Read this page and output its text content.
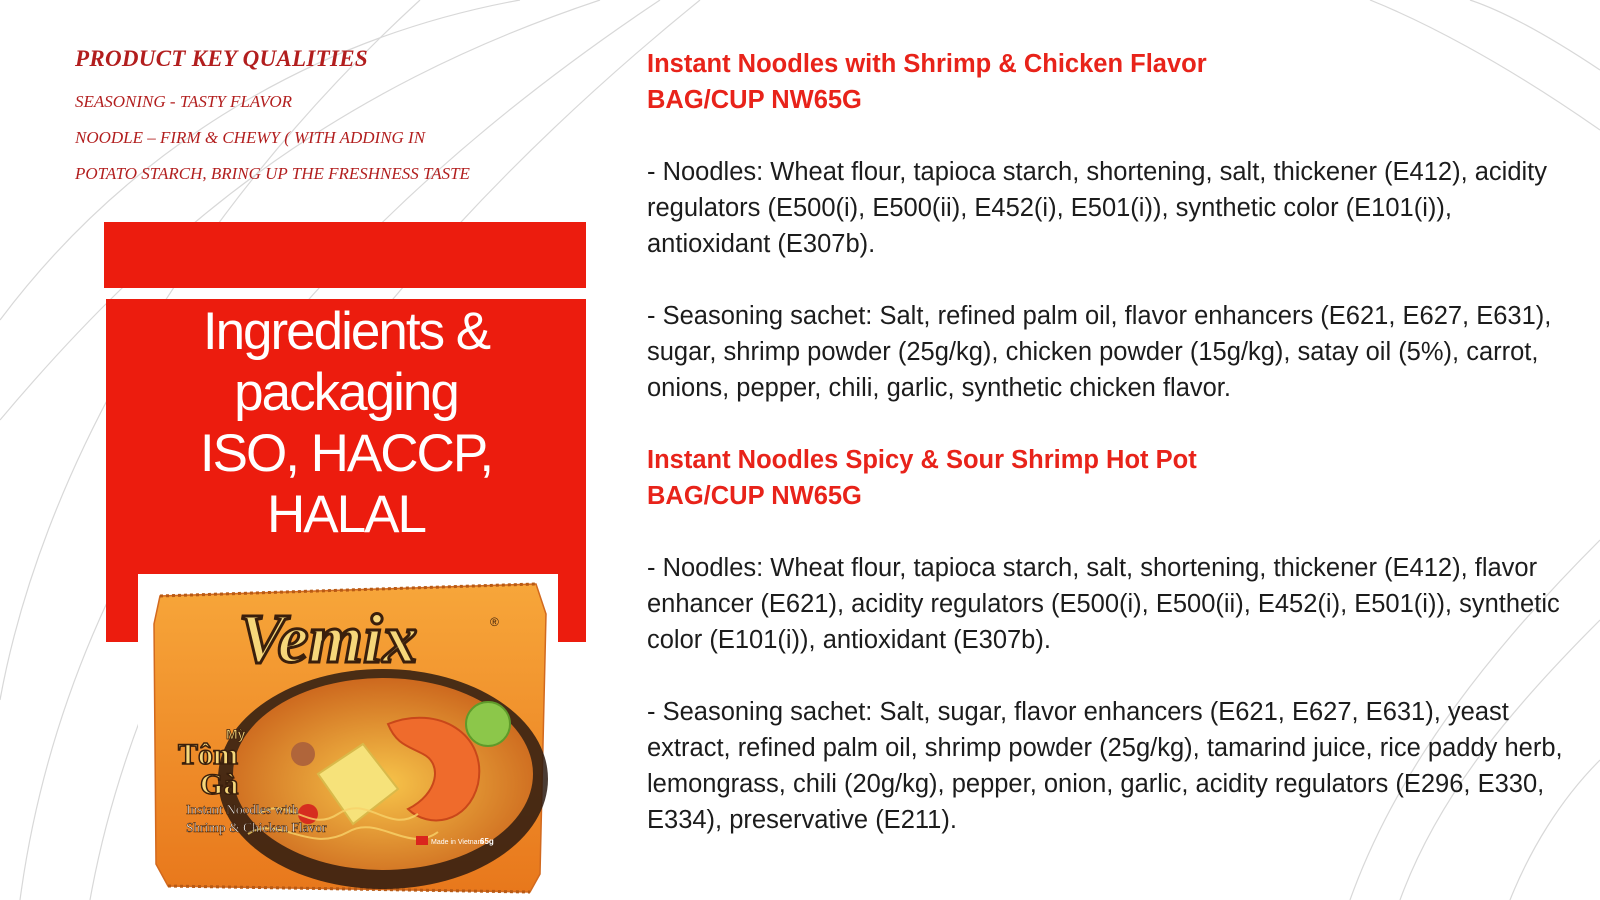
PRODUCT KEY QUALITIES

SEASONING - TASTY FLAVOR

NOODLE – FIRM & CHEWY ( WITH ADDING IN

POTATO STARCH, BRING UP THE FRESHNESS TASTE

Ingredients &
packaging
ISO, HACCP,
HALAL
Vemix	®
Mỳ
Tôm
Gà
Instant Noodles with
Shrimp & Chicken Flavor
Made in Vietnam
65g

Instant Noodles with Shrimp & Chicken Flavor

BAG/CUP NW65G

- Noodles: Wheat flour, tapioca starch, shortening, salt, thickener (E412), acidity regulators (E500(i), E500(ii), E452(i), E501(i)), synthetic color (E101(i)), antioxidant (E307b).

- Seasoning sachet: Salt, refined palm oil, flavor enhancers (E621, E627, E631), sugar, shrimp powder (25g/kg), chicken powder (15g/kg), satay oil (5%), carrot, onions, pepper, chili, garlic, synthetic chicken flavor.

Instant Noodles Spicy & Sour Shrimp Hot Pot

BAG/CUP NW65G

- Noodles: Wheat flour, tapioca starch, salt, shortening, thickener (E412), flavor enhancer (E621), acidity regulators (E500(i), E500(ii), E452(i), E501(i)), synthetic color (E101(i)), antioxidant (E307b).

- Seasoning sachet: Salt, sugar, flavor enhancers (E621, E627, E631), yeast extract, refined palm oil, shrimp powder (25g/kg), tamarind juice, rice paddy herb, lemongrass, chili (20g/kg), pepper, onion, garlic, acidity regulators (E296, E330, E334), preservative (E211).
